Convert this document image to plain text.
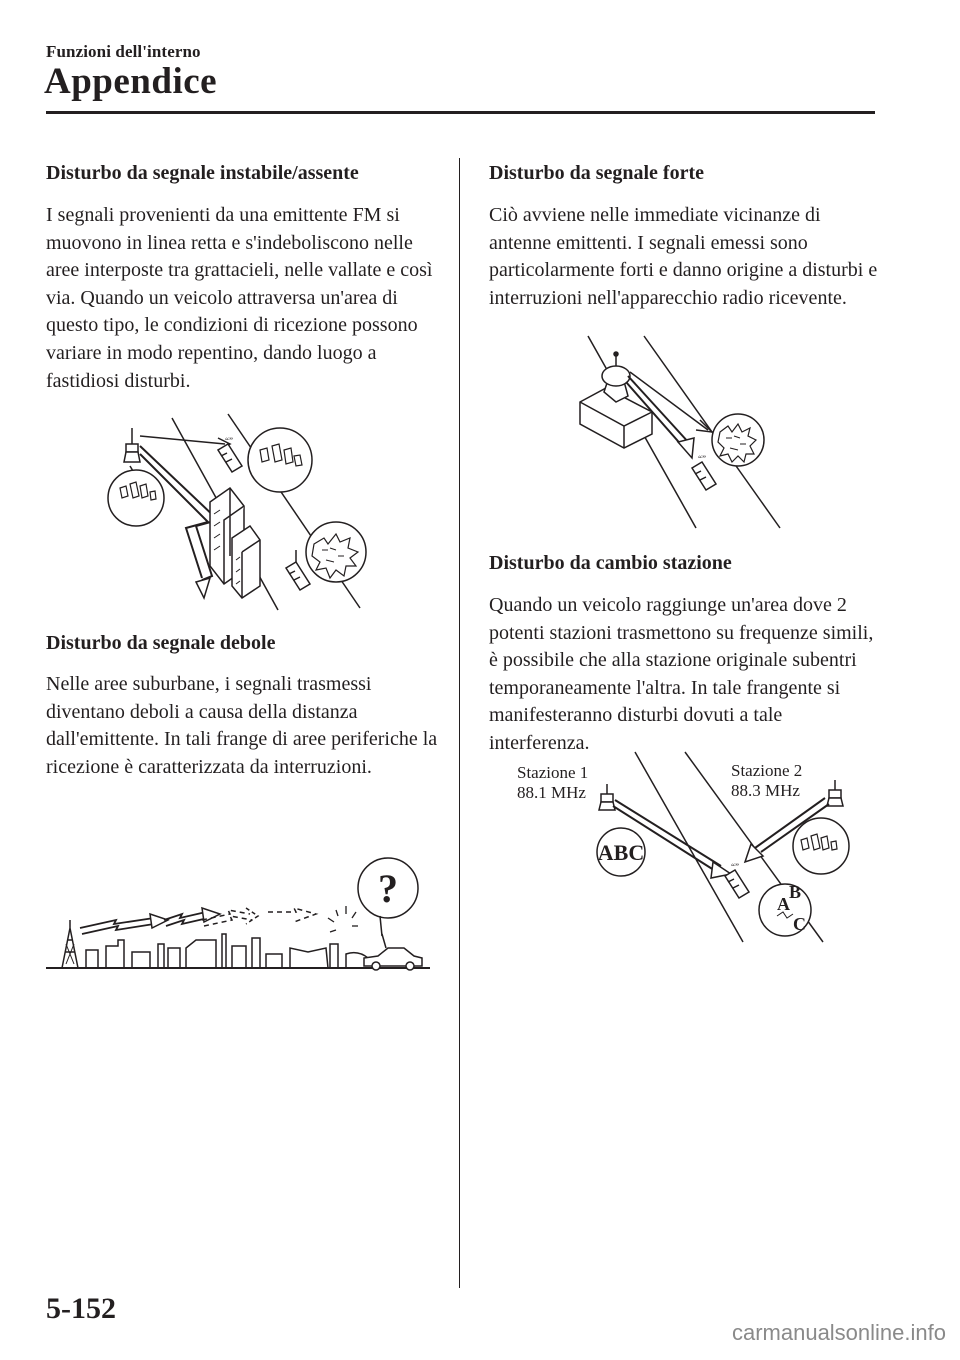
Funzioni dell'interno
Appendice
Disturbo da segnale instabile/assente

I segnali provenienti da una emittente FM si muovono in linea retta e s'indeboliscono nelle aree interposte tra grattacieli, nelle vallate e così via. Quando un veicolo attraversa un'area di questo tipo, le condizioni di ricezione possono variare in modo repentino, dando luogo a fastidiosi disturbi.

“”
Disturbo da segnale debole

Nelle aree suburbane, i segnali trasmessi diventano deboli a causa della distanza dall'emittente. In tali frange di aree periferiche la ricezione è caratterizzata da interruzioni.

?
Disturbo da segnale forte

Ciò avviene nelle immediate vicinanze di antenne emittenti. I segnali emessi sono particolarmente forti e danno origine a disturbi e interruzioni nell'apparecchio radio ricevente.

“”
Disturbo da cambio stazione

Quando un veicolo raggiunge un'area dove 2 potenti stazioni trasmettono su frequenze simili, è possibile che alla stazione originale subentri temporaneamente l'altra. In tale frangente si manifesteranno disturbi dovuti a tale interferenza.

Stazione 1
88.1 MHz
Stazione 2
88.3 MHz
ABC
“”
A
B
C
5-152
carmanualsonline.info
